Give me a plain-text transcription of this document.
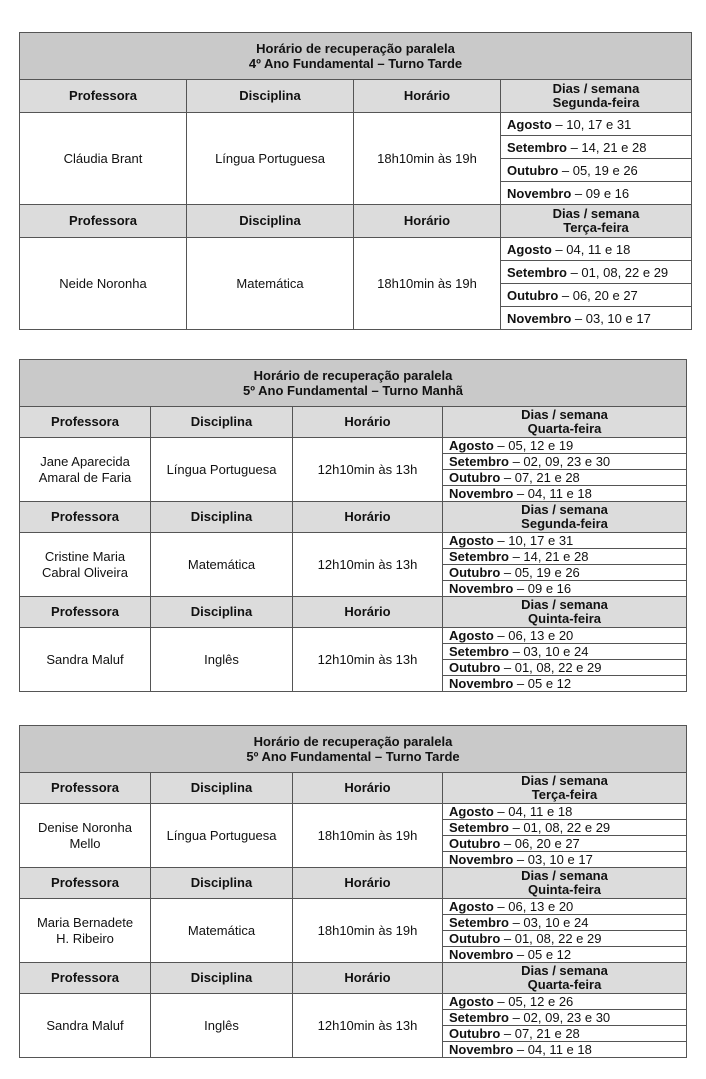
Horário de recuperação paralela
4º Ano Fundamental – Turno Tarde			

Professora	Disciplina	Horário	Dias / semana
Segunda-feira

Cláudia Brant	Língua Portuguesa	18h10min às 19h	Agosto – 10, 17 e 31
			Setembro – 14, 21 e 28
			Outubro – 05, 19 e 26
			Novembro – 09 e 16
Professora	Disciplina	Horário	Dias / semana
Terça-feira

Neide Noronha	Matemática	18h10min às 19h	Agosto – 04, 11 e 18
			Setembro – 01, 08, 22 e 29
			Outubro – 06, 20 e 27
			Novembro – 03, 10 e 17
Horário de recuperação paralela
5º Ano Fundamental – Turno Manhã			

Professora	Disciplina	Horário	Dias / semana
Quarta-feira

Jane Aparecida
Amaral de Faria	Língua Portuguesa	12h10min às 13h	Agosto – 05, 12 e 19
			Setembro – 02, 09, 23 e 30
			Outubro – 07, 21 e 28
			Novembro – 04, 11 e 18
Professora	Disciplina	Horário	Dias / semana
Segunda-feira

Cristine Maria
Cabral Oliveira	Matemática	12h10min às 13h	Agosto – 10, 17 e 31
			Setembro – 14, 21 e 28
			Outubro – 05, 19 e 26
			Novembro – 09 e 16
Professora	Disciplina	Horário	Dias / semana
Quinta-feira

Sandra Maluf	Inglês	12h10min às 13h	Agosto – 06, 13 e 20
			Setembro – 03, 10 e 24
			Outubro – 01, 08, 22 e 29
			Novembro – 05 e 12
Horário de recuperação paralela
5º Ano Fundamental – Turno Tarde			

Professora	Disciplina	Horário	Dias / semana
Terça-feira

Denise Noronha
Mello	Língua Portuguesa	18h10min às 19h	Agosto – 04, 11 e 18
			Setembro – 01, 08, 22 e 29
			Outubro – 06, 20 e 27
			Novembro – 03, 10 e 17
Professora	Disciplina	Horário	Dias / semana
Quinta-feira

Maria Bernadete
H. Ribeiro	Matemática	18h10min às 19h	Agosto – 06, 13 e 20
			Setembro – 03, 10 e 24
			Outubro – 01, 08, 22 e 29
			Novembro – 05 e 12
Professora	Disciplina	Horário	Dias / semana
Quarta-feira

Sandra Maluf	Inglês	12h10min às 13h	Agosto – 05, 12 e 26
			Setembro – 02, 09, 23 e 30
			Outubro – 07, 21 e 28
			Novembro – 04, 11 e 18
